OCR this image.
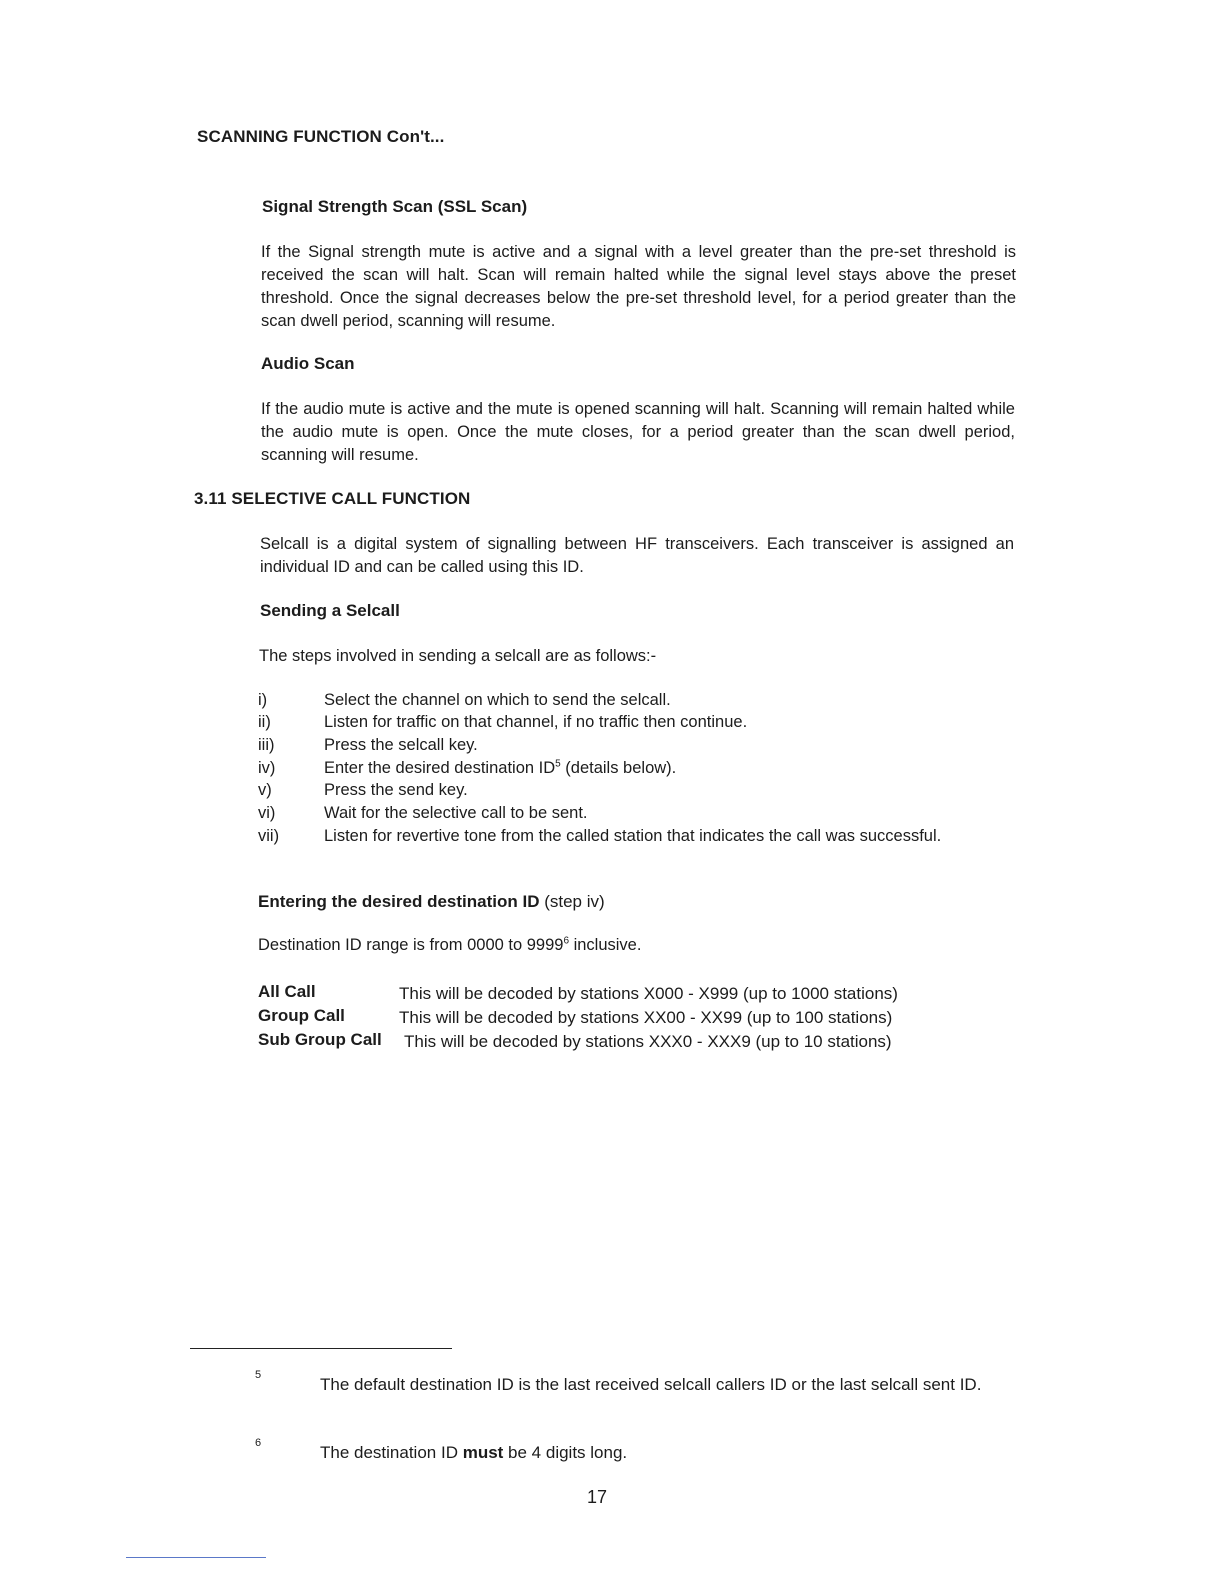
SCANNING FUNCTION Con't...
Signal Strength Scan (SSL Scan)
If the Signal strength mute is active and a signal with a level greater than the pre-set threshold is received the scan will halt. Scan will remain halted while the signal level stays above the preset threshold. Once the signal decreases below the pre-set threshold level, for a period greater than the scan dwell period, scanning will resume.
Audio Scan
If the audio mute is active and the mute is opened scanning will halt. Scanning will remain halted while the audio mute is open. Once the mute closes, for a period greater than the scan dwell period, scanning will resume.
3.11 SELECTIVE CALL FUNCTION
Selcall is a digital system of signalling between HF transceivers. Each transceiver is assigned an individual ID and can be called using this ID.
Sending a Selcall
The steps involved in sending a selcall are as follows:-
i)	Select the channel on which to send the selcall.
ii)	Listen for traffic on that channel, if no traffic then continue.
iii)	Press the selcall key.
iv)	Enter the desired destination $ID^5$ (details below).
v)	Press the send key.
vi)	Wait for the selective call to be sent.
vii)	Listen for revertive tone from the called station that indicates the call was successful.
Entering the desired destination ID (step iv)
Destination ID range is from 0000 to 9999$^6$ inclusive.
All Call	This will be decoded by stations X000 - X999 (up to 1000 stations)
Group Call	This will be decoded by stations XX00 - XX99 (up to 100 stations)
Sub Group Call This will be decoded by stations XXX0 - XXX9 (up to 10 stations)
5	The default destination ID is the last received selcall callers ID or the last selcall sent ID.
6	The destination ID must be 4 digits long.
17
